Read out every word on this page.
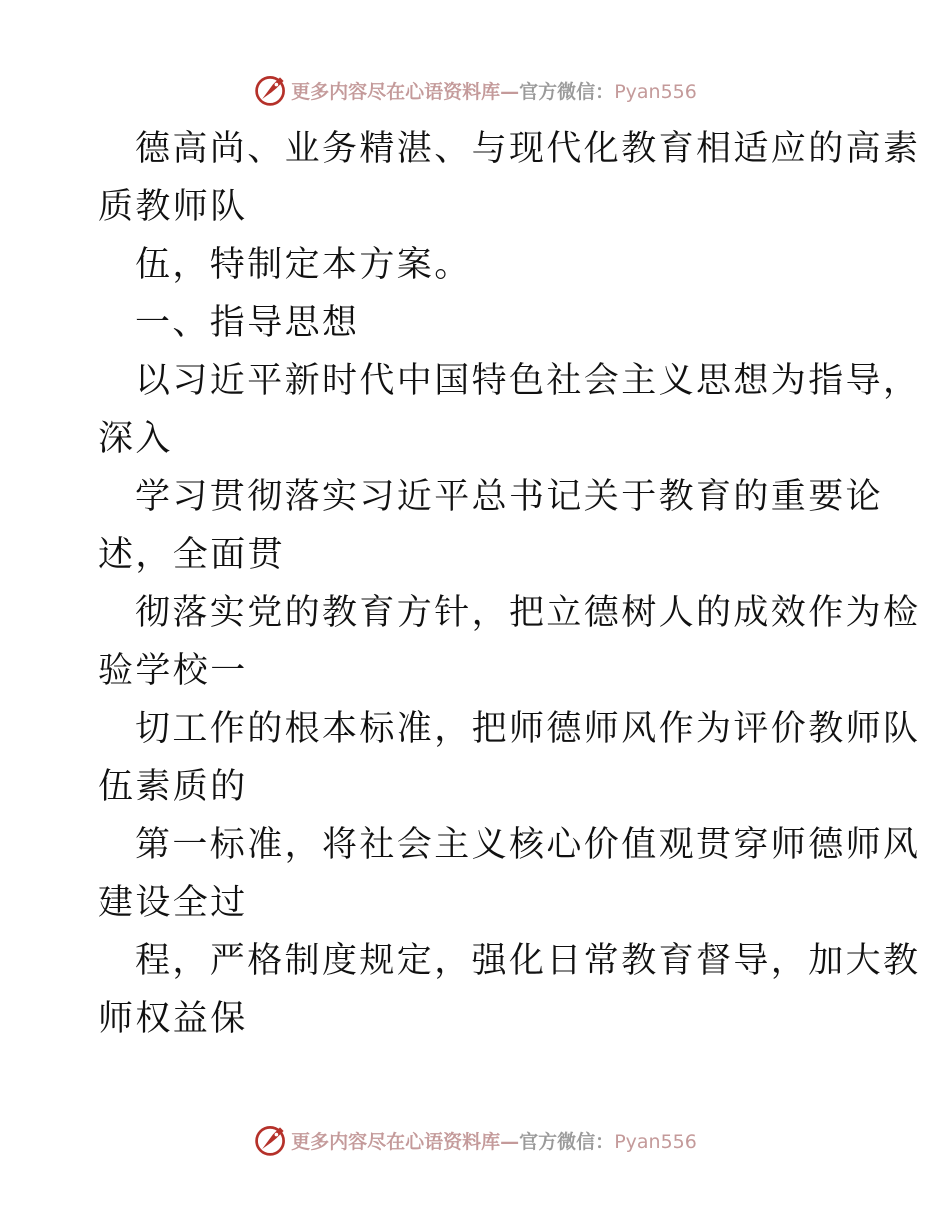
更多内容尽在心语资料库—官方微信：Pyan556
德高尚、业务精湛、与现代化教育相适应的高素
质教师队
伍，特制定本方案。
一、指导思想
以习近平新时代中国特色社会主义思想为指导，
深入
学习贯彻落实习近平总书记关于教育的重要论
述，全面贯
彻落实党的教育方针，把立德树人的成效作为检
验学校一
切工作的根本标准，把师德师风作为评价教师队
伍素质的
第一标准，将社会主义核心价值观贯穿师德师风
建设全过
程，严格制度规定，强化日常教育督导，加大教
师权益保
更多内容尽在心语资料库—官方微信：Pyan556
